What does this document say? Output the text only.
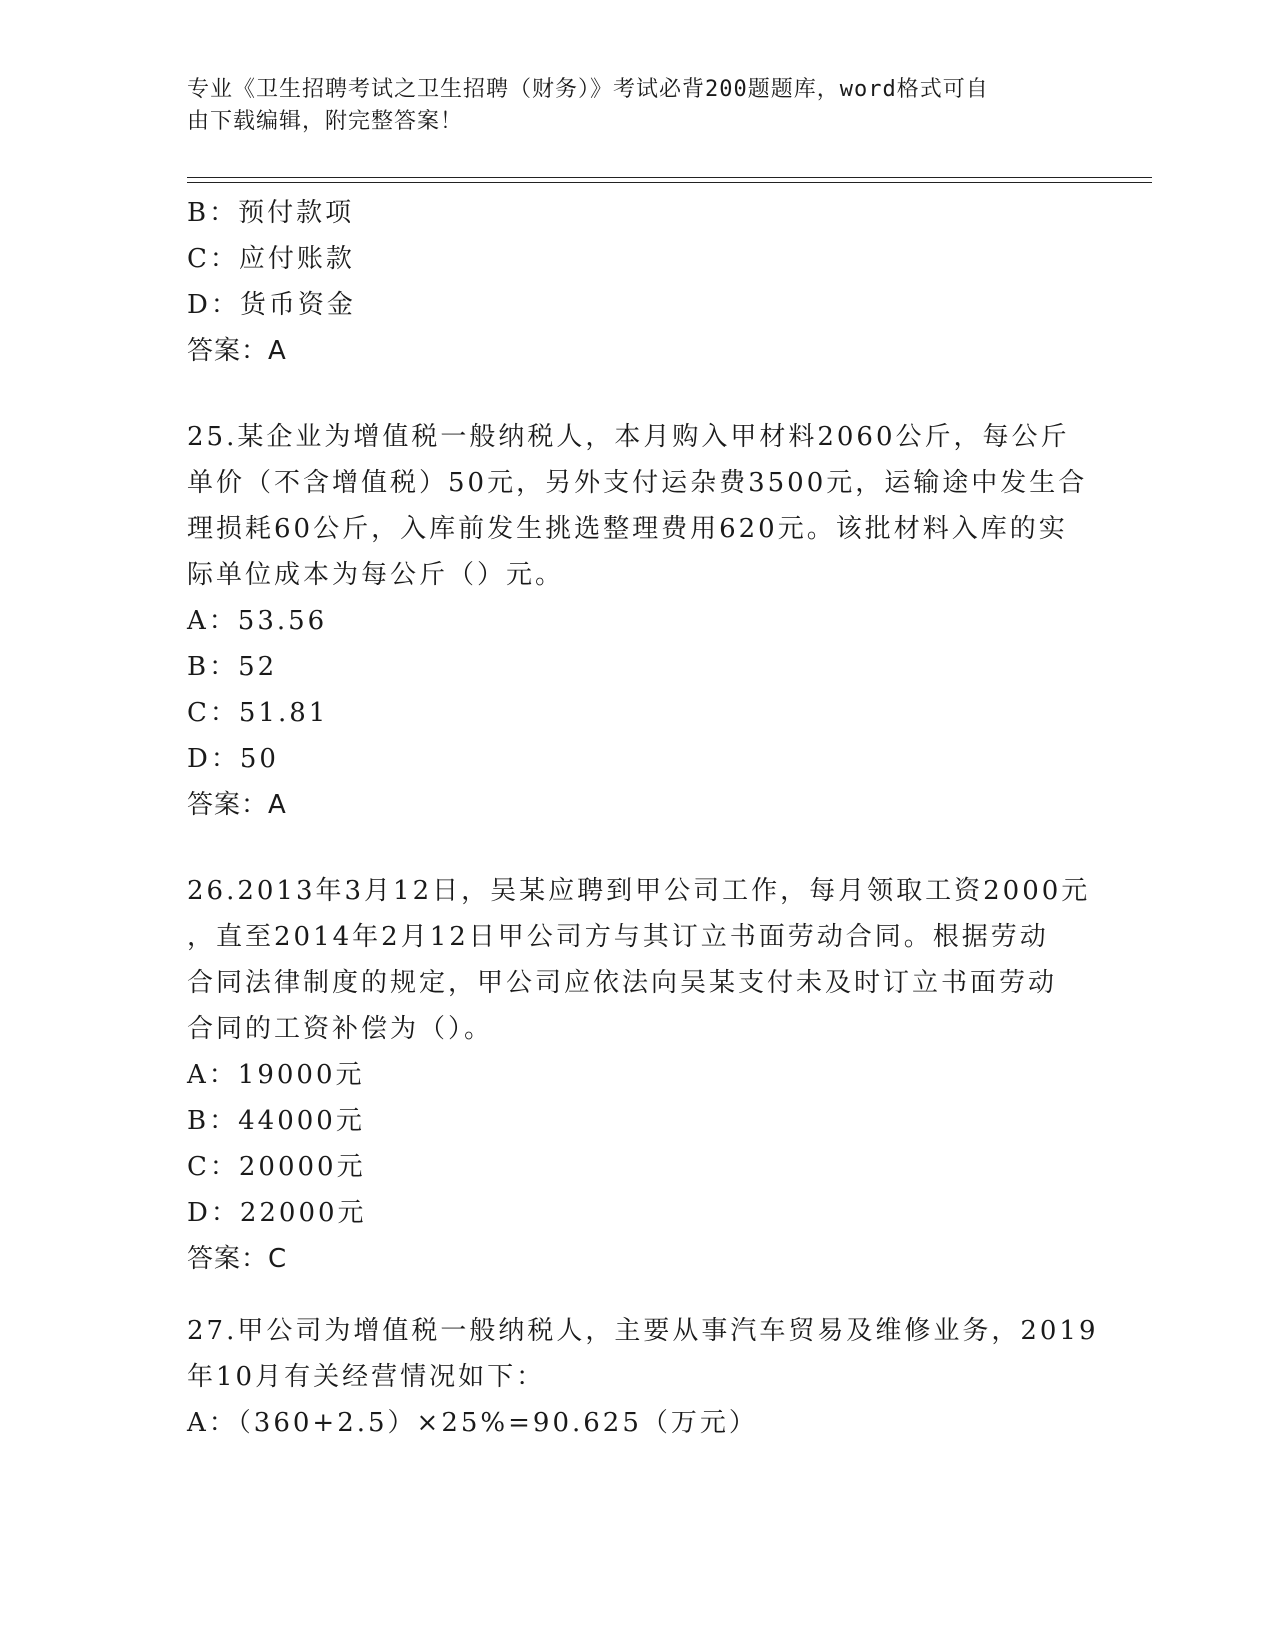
专业《卫生招聘考试之卫生招聘（财务）》考试必背200题题库，word格式可自
由下载编辑，附完整答案！
B：预付款项
C：应付账款
D：货币资金
答案：A
25.某企业为增值税一般纳税人，本月购入甲材料2060公斤，每公斤
单价（不含增值税）50元，另外支付运杂费3500元，运输途中发生合
理损耗60公斤，入库前发生挑选整理费用620元。该批材料入库的实
际单位成本为每公斤（）元。
A：53.56
B：52
C：51.81
D：50
答案：A
26.2013年3月12日，吴某应聘到甲公司工作，每月领取工资2000元
，直至2014年2月12日甲公司方与其订立书面劳动合同。根据劳动
合同法律制度的规定，甲公司应依法向吴某支付未及时订立书面劳动
合同的工资补偿为（）。
A：19000元
B：44000元
C：20000元
D：22000元
答案：C
27.甲公司为增值税一般纳税人，主要从事汽车贸易及维修业务，2019
年10月有关经营情况如下：
A：（360+2.5）×25%=90.625（万元）
